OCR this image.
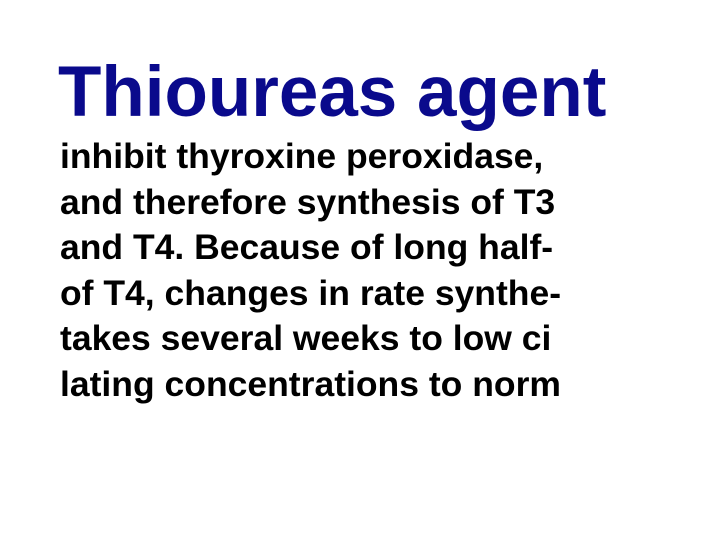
Thioureas agent
inhibit thyroxine peroxidase,
and therefore synthesis of T3
and T4. Because of long half-
of T4, changes in rate synthe-
takes several weeks to low ci
lating concentrations to norm
